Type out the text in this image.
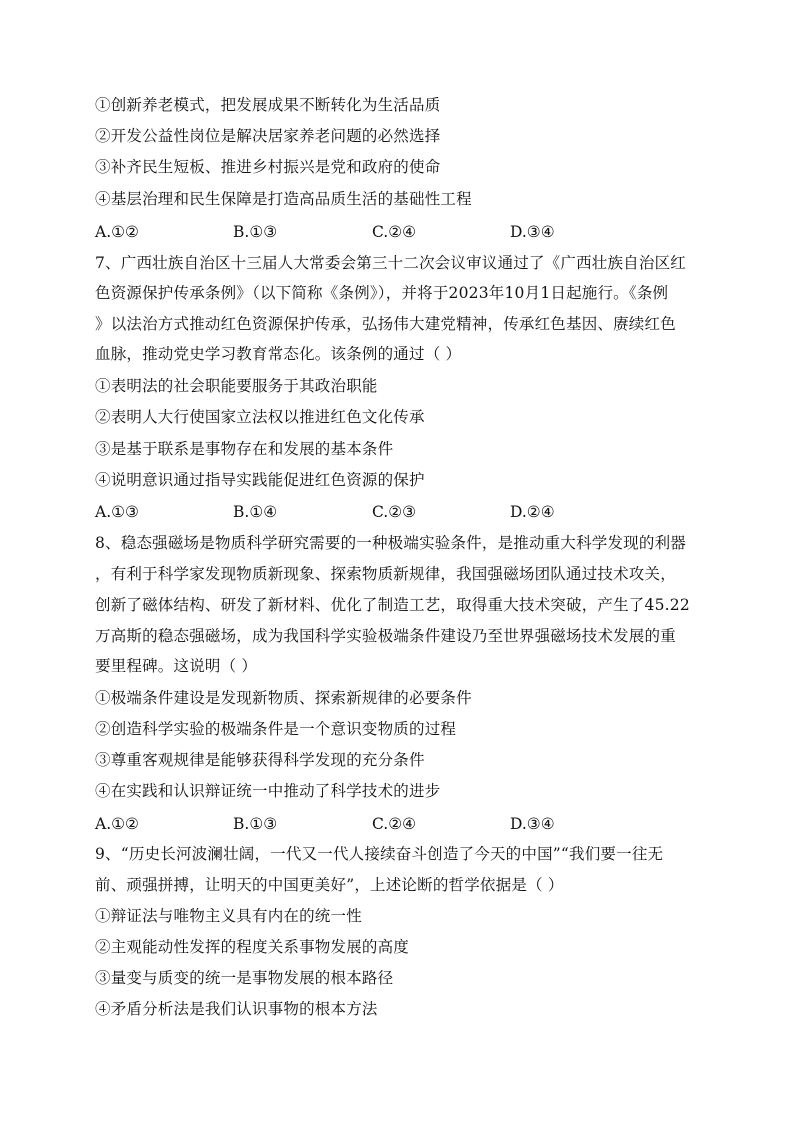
①创新养老模式，把发展成果不断转化为生活品质
②开发公益性岗位是解决居家养老问题的必然选择
③补齐民生短板、推进乡村振兴是党和政府的使命
④基层治理和民生保障是打造高品质生活的基础性工程
A.①②	B.①③	C.②④	D.③④
7、广西壮族自治区十三届人大常委会第三十二次会议审议通过了《广西壮族自治区红
色资源保护传承条例》（以下简称《条例》），并将于2023年10月1日起施行。《条例
》以法治方式推动红色资源保护传承，弘扬伟大建党精神，传承红色基因、赓续红色
血脉，推动党史学习教育常态化。该条例的通过（ ）
①表明法的社会职能要服务于其政治职能
②表明人大行使国家立法权以推进红色文化传承
③是基于联系是事物存在和发展的基本条件
④说明意识通过指导实践能促进红色资源的保护
A.①③	B.①④	C.②③	D.②④
8、稳态强磁场是物质科学研究需要的一种极端实验条件，是推动重大科学发现的利器
，有利于科学家发现物质新现象、探索物质新规律，我国强磁场团队通过技术攻关，
创新了磁体结构、研发了新材料、优化了制造工艺，取得重大技术突破，产生了45.22
万高斯的稳态强磁场，成为我国科学实验极端条件建设乃至世界强磁场技术发展的重
要里程碑。这说明（ ）
①极端条件建设是发现新物质、探索新规律的必要条件
②创造科学实验的极端条件是一个意识变物质的过程
③尊重客观规律是能够获得科学发现的充分条件
④在实践和认识辩证统一中推动了科学技术的进步
A.①②	B.①③	C.②④	D.③④
9、“历史长河波澜壮阔，一代又一代人接续奋斗创造了今天的中国”“我们要一往无
前、顽强拼搏，让明天的中国更美好”，上述论断的哲学依据是（ ）
①辩证法与唯物主义具有内在的统一性
②主观能动性发挥的程度关系事物发展的高度
③量变与质变的统一是事物发展的根本路径
④矛盾分析法是我们认识事物的根本方法
